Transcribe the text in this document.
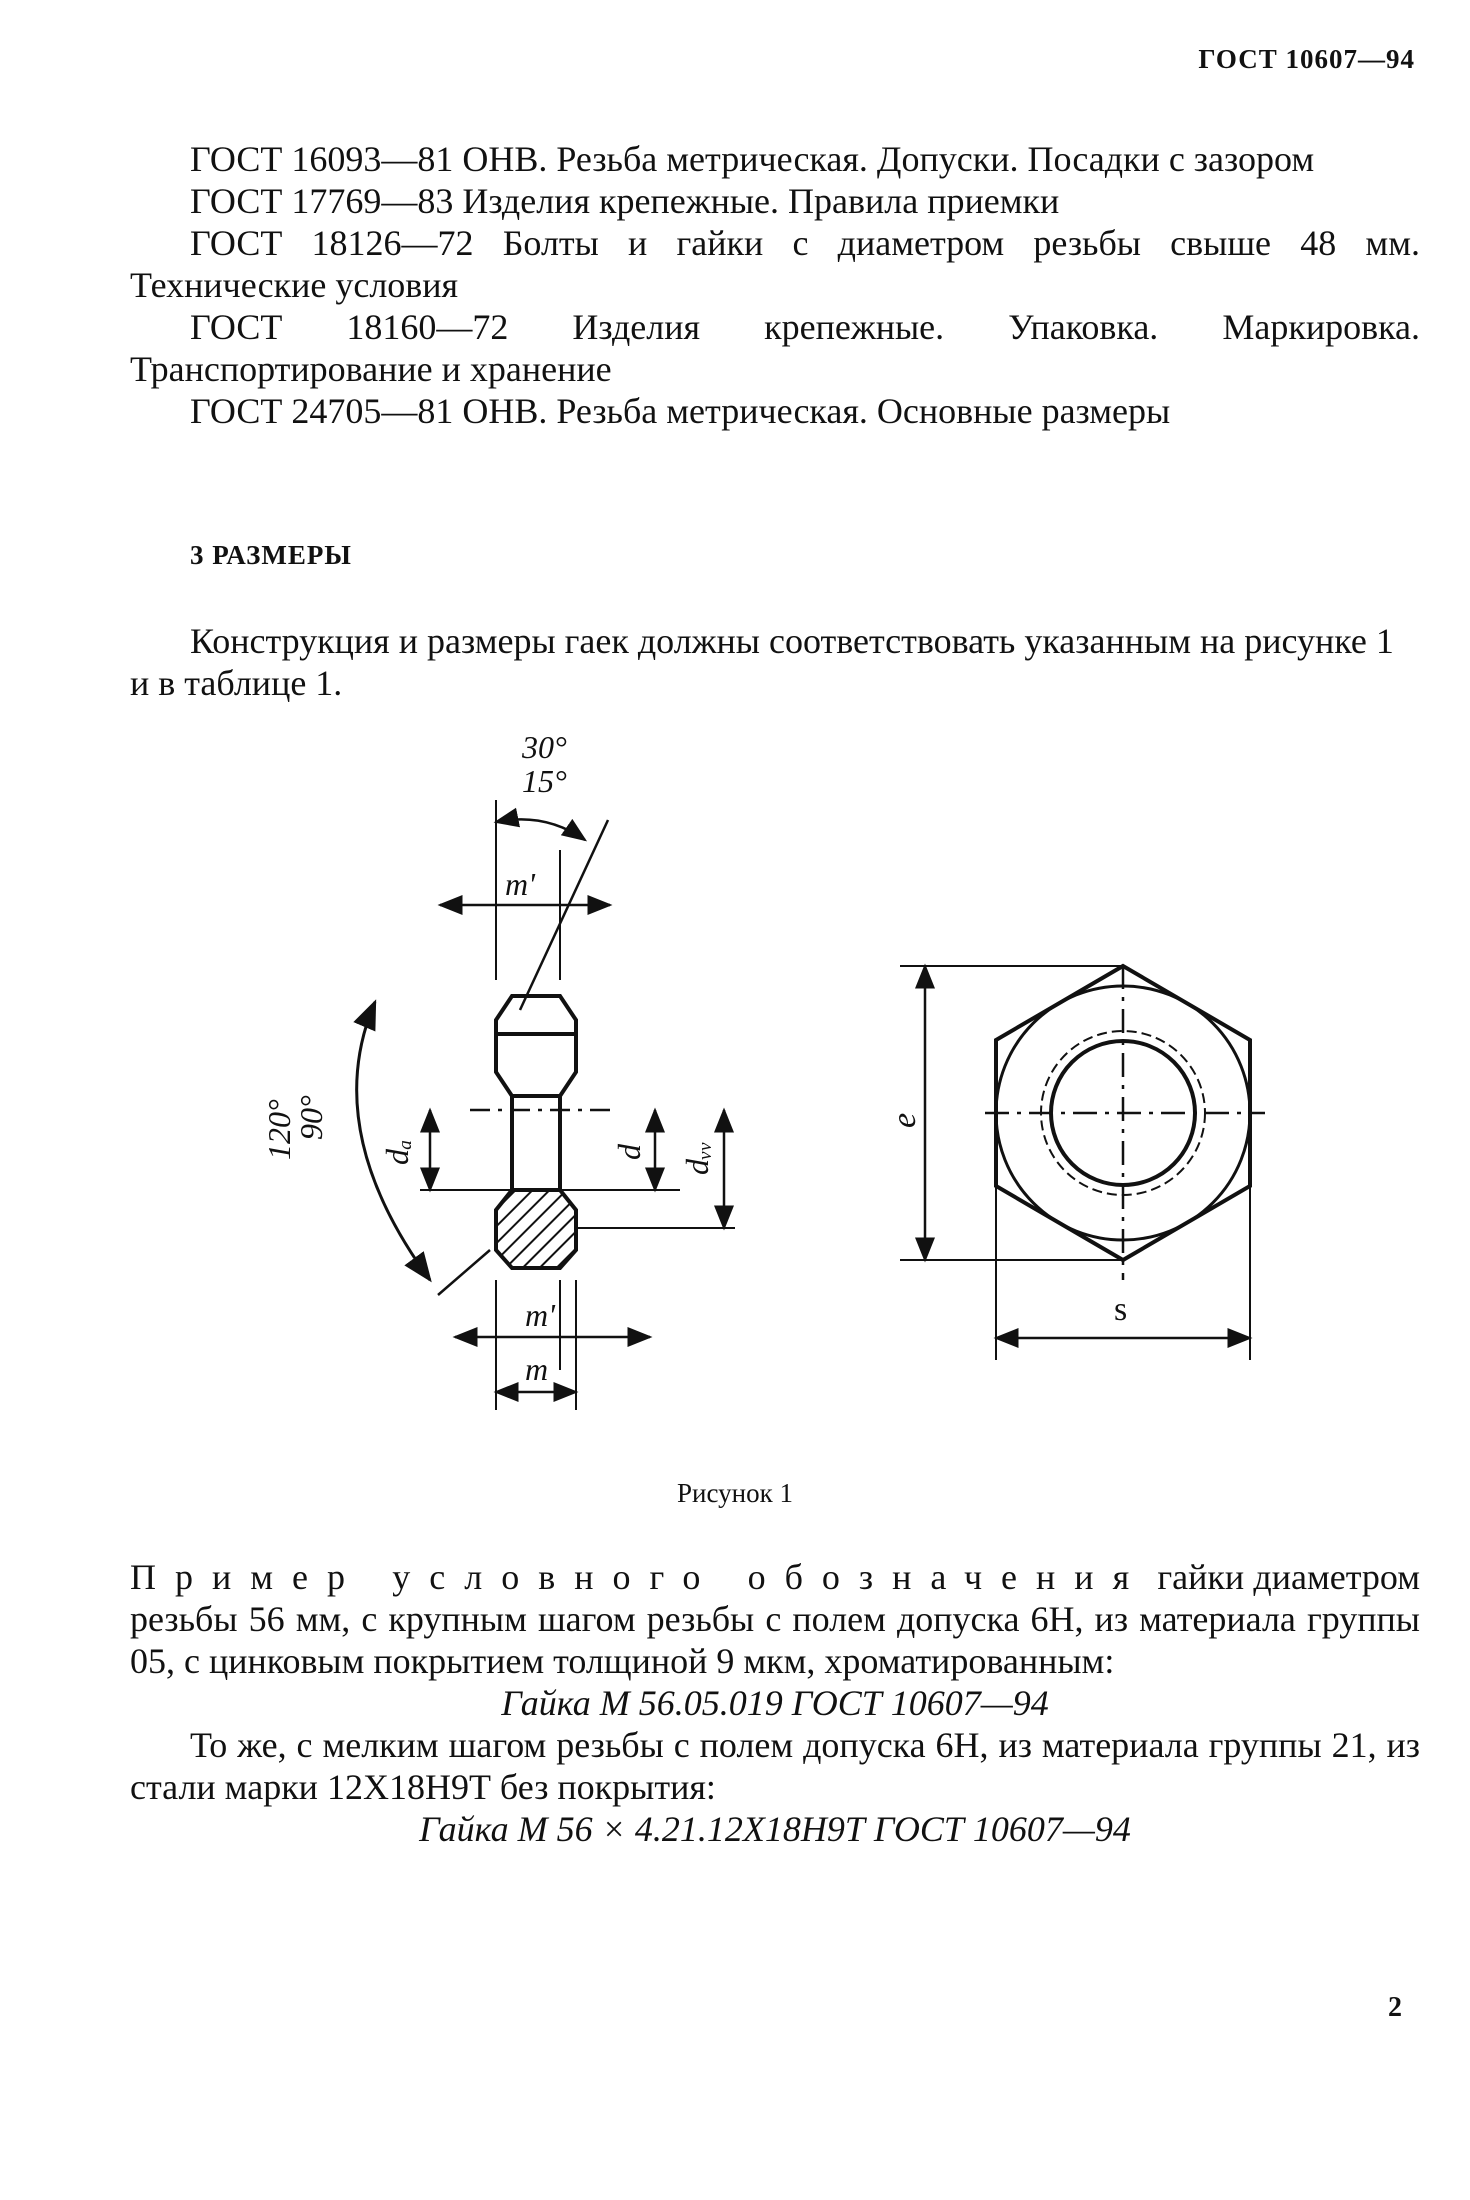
ГОСТ 10607—94

ГОСТ 16093—81 ОНВ. Резьба метрическая. Допуски. Посадки с зазором

ГОСТ 17769—83 Изделия крепежные. Правила приемки

ГОСТ 18126—72 Болты и гайки с диаметром резьбы свыше 48 мм. Технические условия

ГОСТ 18160—72 Изделия крепежные. Упаковка. Маркировка. Транспортирование и хранение

ГОСТ 24705—81 ОНВ. Резьба метрическая. Основные размеры

3 РАЗМЕРЫ

Конструкция и размеры гаек должны соответствовать указанным на рисунке 1 и в таблице 1.

30°
15°
m'
120°
90°
dₐ	d dᵥᵥ
m'
m
e
s
Рисунок 1

Пример условного обозначения гайки диаметром резьбы 56 мм, с крупным шагом резьбы с полем допуска 6H, из материала группы 05, с цинковым покрытием толщиной 9 мкм, хроматированным:

Гайка М 56.05.019 ГОСТ 10607—94

То же, с мелким шагом резьбы с полем допуска 6H, из материала группы 21, из стали марки 12Х18Н9Т без покрытия:

Гайка М 56 × 4.21.12Х18Н9Т ГОСТ 10607—94

2
